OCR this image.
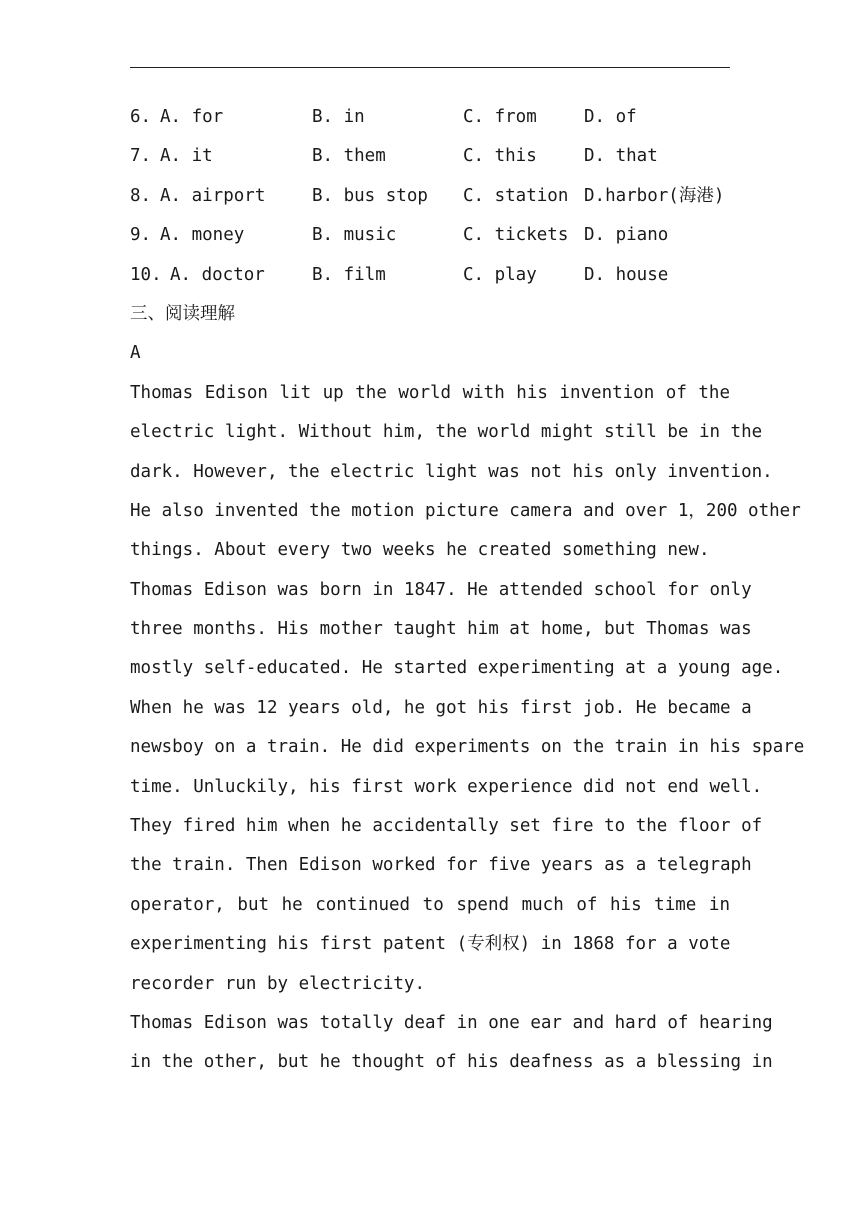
6. A. for	B. in	C. from	D. of
7. A. it	B. them	C. this	D. that
8. A. airport	B. bus stop C. station D.harbor(海港)
9. A. money	B. music	C. tickets D. piano
10. A. doctor	B. film	C. play	D. house
三、阅读理解
A
Thomas Edison lit up the world with his invention of the
electric light. Without him, the world might still be in the
dark. However, the electric light was not his only invention.
He also invented the motion picture camera and over 1，200 other
things. About every two weeks he created something new.
Thomas Edison was born in 1847. He attended school for only
three months. His mother taught him at home, but Thomas was
mostly self-educated. He started experimenting at a young age.
When he was 12 years old, he got his first job. He became a
newsboy on a train. He did experiments on the train in his spare
time. Unluckily, his first work experience did not end well.
They fired him when he accidentally set fire to the floor of
the train. Then Edison worked for five years as a telegraph
operator, but he continued to spend much of his time in
experimenting his first patent (专利权) in 1868 for a vote
recorder run by electricity.
Thomas Edison was totally deaf in one ear and hard of hearing
in the other, but he thought of his deafness as a blessing in
